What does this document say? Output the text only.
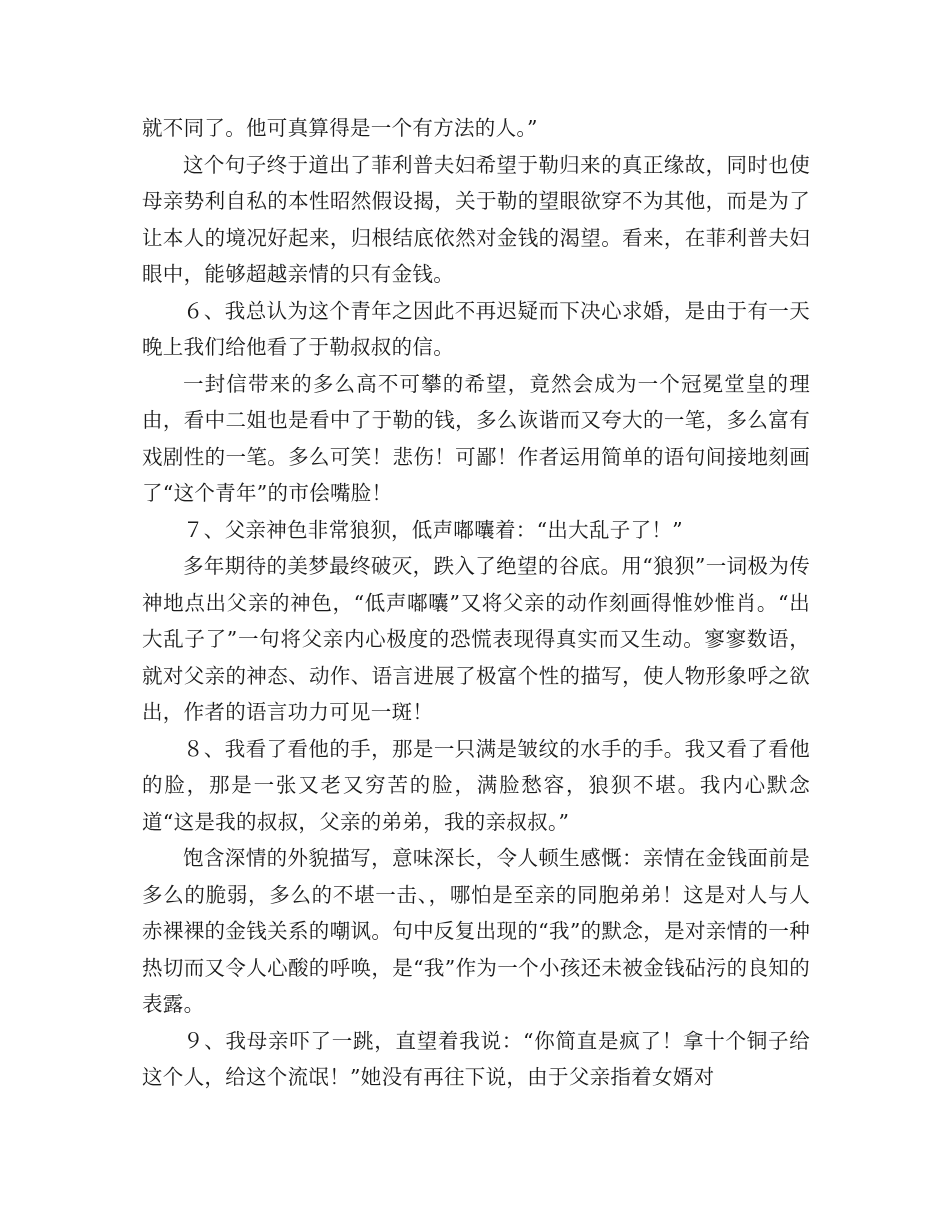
就不同了。他可真算得是一个有方法的人。”

这个句子终于道出了菲利普夫妇希望于勒归来的真正缘故，同时也使母亲势利自私的本性昭然假设揭，关于勒的望眼欲穿不为其他，而是为了让本人的境况好起来，归根结底依然对金钱的渴望。看来，在菲利普夫妇眼中，能够超越亲情的只有金钱。

６、我总认为这个青年之因此不再迟疑而下决心求婚，是由于有一天晚上我们给他看了于勒叔叔的信。

一封信带来的多么高不可攀的希望，竟然会成为一个冠冕堂皇的理由，看中二姐也是看中了于勒的钱，多么诙谐而又夸大的一笔，多么富有戏剧性的一笔。多么可笑！悲伤！可鄙！作者运用简单的语句间接地刻画了“这个青年”的市侩嘴脸！

７、父亲神色非常狼狈，低声嘟囔着：“出大乱子了！”

多年期待的美梦最终破灭，跌入了绝望的谷底。用“狼狈”一词极为传神地点出父亲的神色，“低声嘟囔”又将父亲的动作刻画得惟妙惟肖。“出大乱子了”一句将父亲内心极度的恐慌表现得真实而又生动。寥寥数语，就对父亲的神态、动作、语言进展了极富个性的描写，使人物形象呼之欲出，作者的语言功力可见一斑！

８、我看了看他的手，那是一只满是皱纹的水手的手。我又看了看他的脸，那是一张又老又穷苦的脸，满脸愁容，狼狈不堪。我内心默念道“这是我的叔叔，父亲的弟弟，我的亲叔叔。”

饱含深情的外貌描写，意味深长，令人顿生感慨：亲情在金钱面前是多么的脆弱，多么的不堪一击、，哪怕是至亲的同胞弟弟！这是对人与人赤裸裸的金钱关系的嘲讽。句中反复出现的“我”的默念，是对亲情的一种热切而又令人心酸的呼唤，是“我”作为一个小孩还未被金钱砧污的良知的表露。

９、我母亲吓了一跳，直望着我说：“你简直是疯了！拿十个铜子给这个人，给这个流氓！”她没有再往下说，由于父亲指着女婿对
